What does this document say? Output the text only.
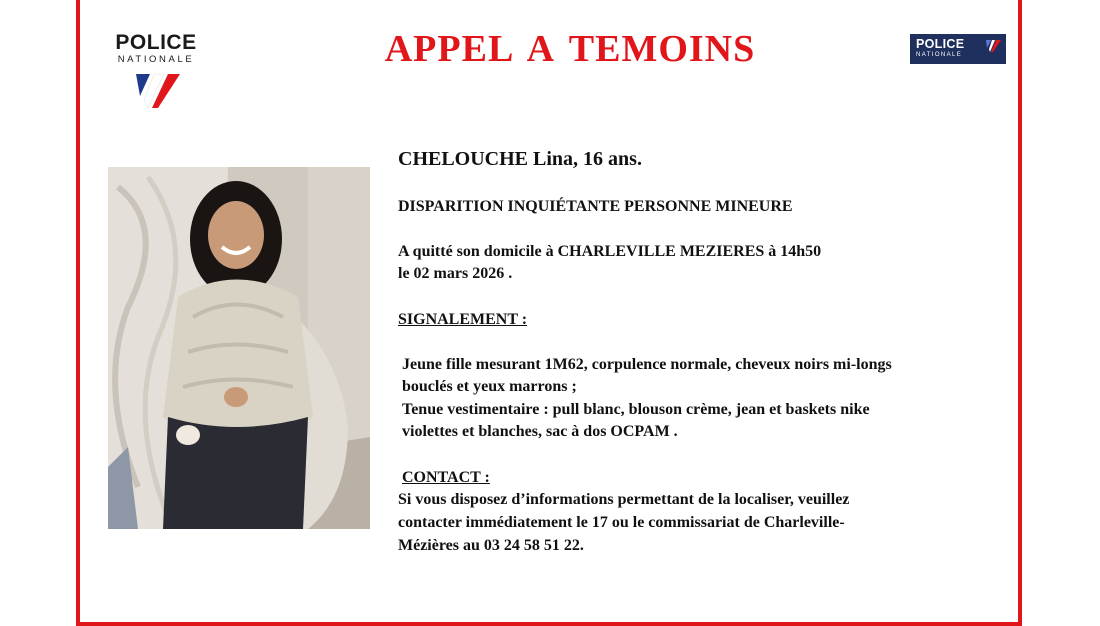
POLICE
NATIONALE	APPEL A TEMOINS	POLICE
NATIONALE
CHELOUCHE Lina, 16 ans.
DISPARITION INQUIÉTANTE PERSONNE MINEURE
A quitté son domicile à CHARLEVILLE MEZIERES à 14h50
le 02 mars 2026 .
SIGNALEMENT :
Jeune fille mesurant 1M62, corpulence normale, cheveux noirs mi-longs
bouclés et yeux marrons ;
Tenue vestimentaire : pull blanc, blouson crème, jean et baskets nike
violettes et blanches, sac à dos OCPAM .
CONTACT :
Si vous disposez d’informations permettant de la localiser, veuillez
contacter immédiatement le 17 ou le commissariat de Charleville-
Mézières au 03 24 58 51 22.
